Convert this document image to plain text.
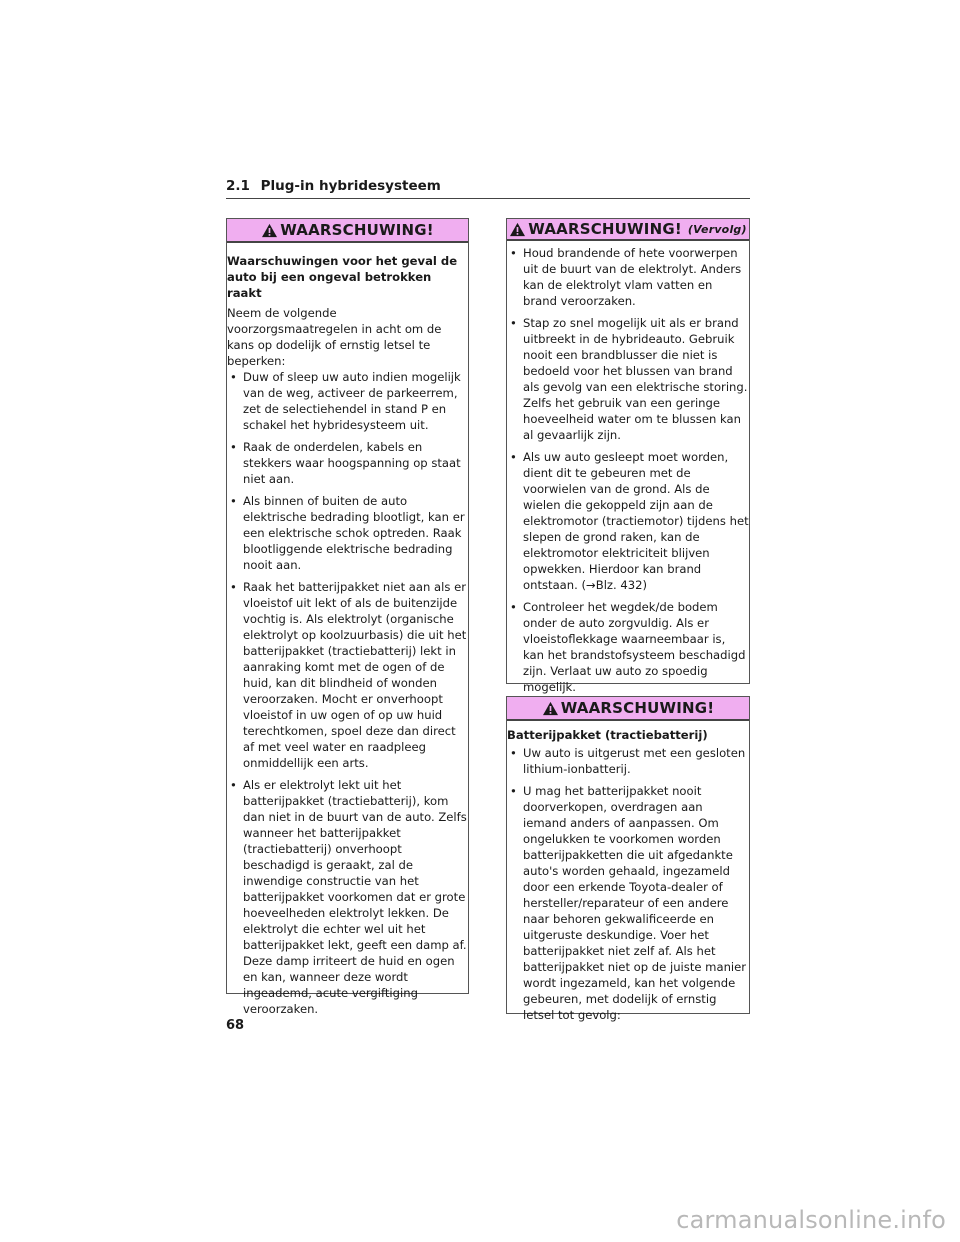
2.1 Plug-in hybridesysteem
WAARSCHUWING!
Waarschuwingen voor het geval de auto bij een ongeval betrokken raakt
Neem de volgende voorzorgsmaatregelen in acht om de kans op dodelijk of ernstig letsel te beperken:
• Duw of sleep uw auto indien mogelijk van de weg, activeer de parkeerrem, zet de selectiehendel in stand P en schakel het hybridesysteem uit.
• Raak de onderdelen, kabels en stekkers waar hoogspanning op staat niet aan.
• Als binnen of buiten de auto elektrische bedrading blootligt, kan er een elektrische schok optreden. Raak blootliggende elektrische bedrading nooit aan.
• Raak het batterijpakket niet aan als er vloeistof uit lekt of als de buitenzijde vochtig is. Als elektrolyt (organische elektrolyt op koolzuurbasis) die uit het batterijpakket (tractiebatterij) lekt in aanraking komt met de ogen of de huid, kan dit blindheid of wonden veroorzaken. Mocht er onverhoopt vloeistof in uw ogen of op uw huid terechtkomen, spoel deze dan direct af met veel water en raadpleeg onmiddellijk een arts.
• Als er elektrolyt lekt uit het batterijpakket (tractiebatterij), kom dan niet in de buurt van de auto. Zelfs wanneer het batterijpakket (tractiebatterij) onverhoopt beschadigd is geraakt, zal de inwendige constructie van het batterijpakket voorkomen dat er grote hoeveelheden elektrolyt lekken. De elektrolyt die echter wel uit het batterijpakket lekt, geeft een damp af. Deze damp irriteert de huid en ogen en kan, wanneer deze wordt ingeademd, acute vergiftiging veroorzaken.
WAARSCHUWING! (Vervolg)
• Houd brandende of hete voorwerpen uit de buurt van de elektrolyt. Anders kan de elektrolyt vlam vatten en brand veroorzaken.
• Stap zo snel mogelijk uit als er brand uitbreekt in de hybrideauto. Gebruik nooit een brandblusser die niet is bedoeld voor het blussen van brand als gevolg van een elektrische storing. Zelfs het gebruik van een geringe hoeveelheid water om te blussen kan al gevaarlijk zijn.
• Als uw auto gesleept moet worden, dient dit te gebeuren met de voorwielen van de grond. Als de wielen die gekoppeld zijn aan de elektromotor (tractiemotor) tijdens het slepen de grond raken, kan de elektromotor elektriciteit blijven opwekken. Hierdoor kan brand ontstaan. (→Blz. 432)
• Controleer het wegdek/de bodem onder de auto zorgvuldig. Als er vloeistoflekkage waarneembaar is, kan het brandstofsysteem beschadigd zijn. Verlaat uw auto zo spoedig mogelijk.
WAARSCHUWING!
Batterijpakket (tractiebatterij)
• Uw auto is uitgerust met een gesloten lithium-ionbatterij.
• U mag het batterijpakket nooit doorverkopen, overdragen aan iemand anders of aanpassen. Om ongelukken te voorkomen worden batterijpakketten die uit afgedankte auto's worden gehaald, ingezameld door een erkende Toyota-dealer of hersteller/reparateur of een andere naar behoren gekwalificeerde en uitgeruste deskundige. Voer het batterijpakket niet zelf af. Als het batterijpakket niet op de juiste manier wordt ingezameld, kan het volgende gebeuren, met dodelijk of ernstig letsel tot gevolg:
68
carmanualsonline.info
